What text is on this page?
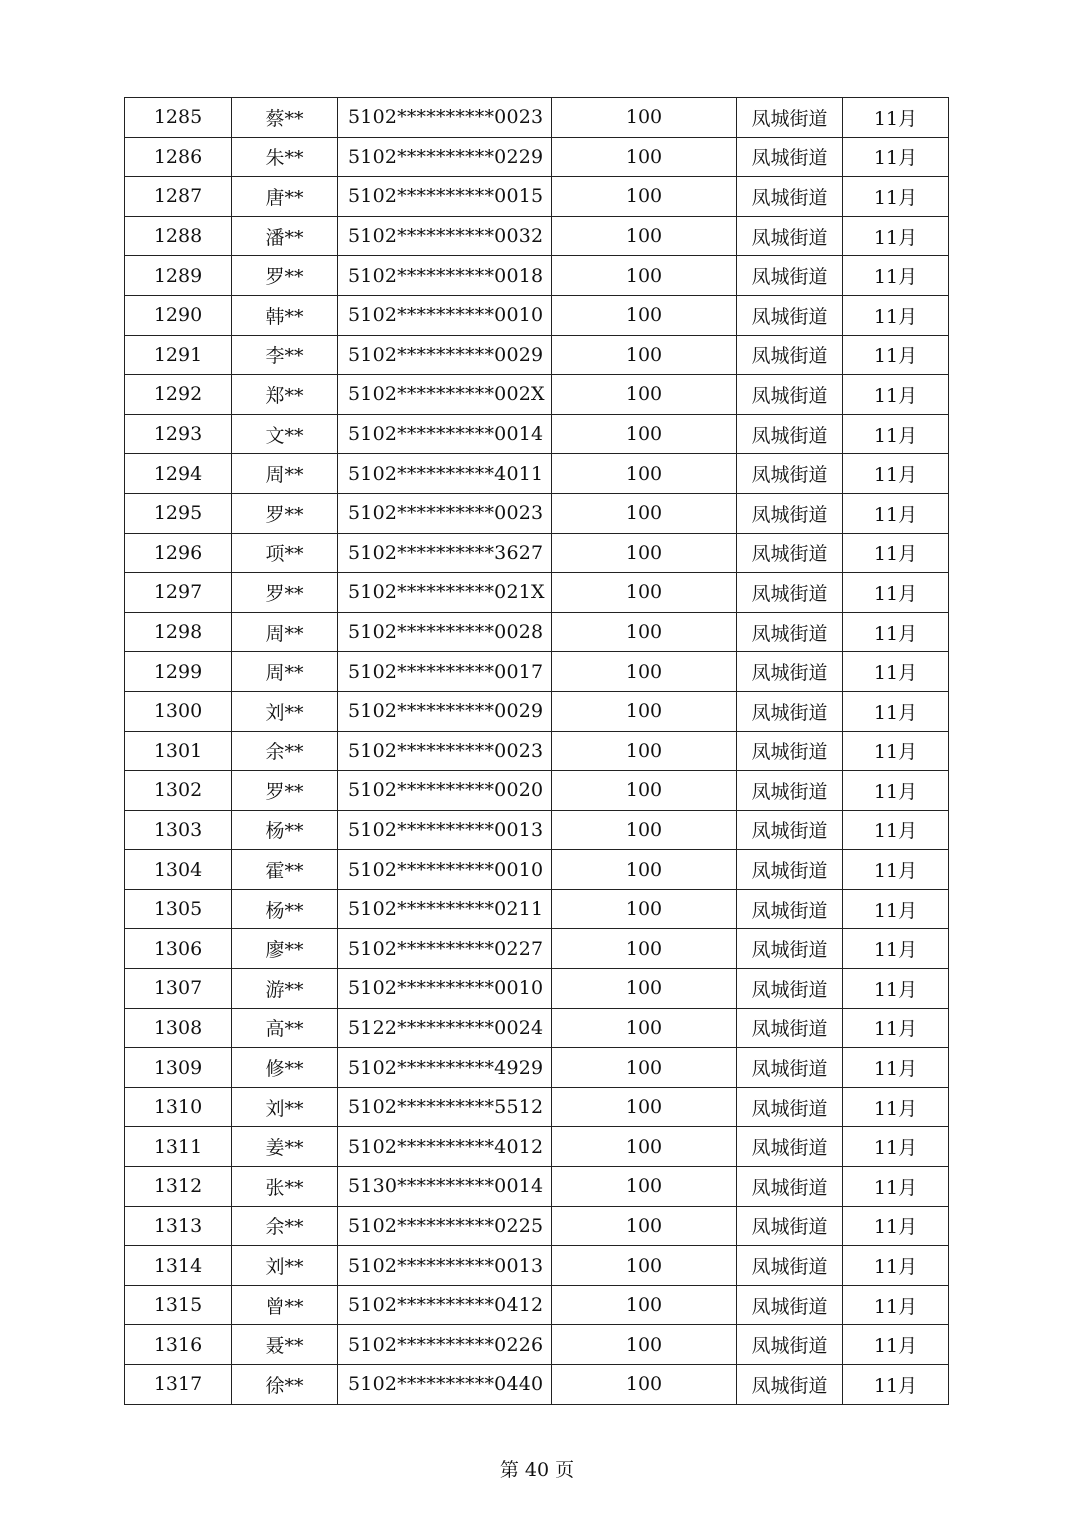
1285	蔡**	5102**********0023	100	凤城街道	11月
1286	朱**	5102**********0229	100	凤城街道	11月
1287	唐**	5102**********0015	100	凤城街道	11月
1288	潘**	5102**********0032	100	凤城街道	11月
1289	罗**	5102**********0018	100	凤城街道	11月
1290	韩**	5102**********0010	100	凤城街道	11月
1291	李**	5102**********0029	100	凤城街道	11月
1292	郑**	5102**********002X	100	凤城街道	11月
1293	文**	5102**********0014	100	凤城街道	11月
1294	周**	5102**********4011	100	凤城街道	11月
1295	罗**	5102**********0023	100	凤城街道	11月
1296	项**	5102**********3627	100	凤城街道	11月
1297	罗**	5102**********021X	100	凤城街道	11月
1298	周**	5102**********0028	100	凤城街道	11月
1299	周**	5102**********0017	100	凤城街道	11月
1300	刘**	5102**********0029	100	凤城街道	11月
1301	余**	5102**********0023	100	凤城街道	11月
1302	罗**	5102**********0020	100	凤城街道	11月
1303	杨**	5102**********0013	100	凤城街道	11月
1304	霍**	5102**********0010	100	凤城街道	11月
1305	杨**	5102**********0211	100	凤城街道	11月
1306	廖**	5102**********0227	100	凤城街道	11月
1307	游**	5102**********0010	100	凤城街道	11月
1308	高**	5122**********0024	100	凤城街道	11月
1309	修**	5102**********4929	100	凤城街道	11月
1310	刘**	5102**********5512	100	凤城街道	11月
1311	姜**	5102**********4012	100	凤城街道	11月
1312	张**	5130**********0014	100	凤城街道	11月
1313	余**	5102**********0225	100	凤城街道	11月
1314	刘**	5102**********0013	100	凤城街道	11月
1315	曾**	5102**********0412	100	凤城街道	11月
1316	聂**	5102**********0226	100	凤城街道	11月
1317	徐**	5102**********0440	100	凤城街道	11月
第 40 页
